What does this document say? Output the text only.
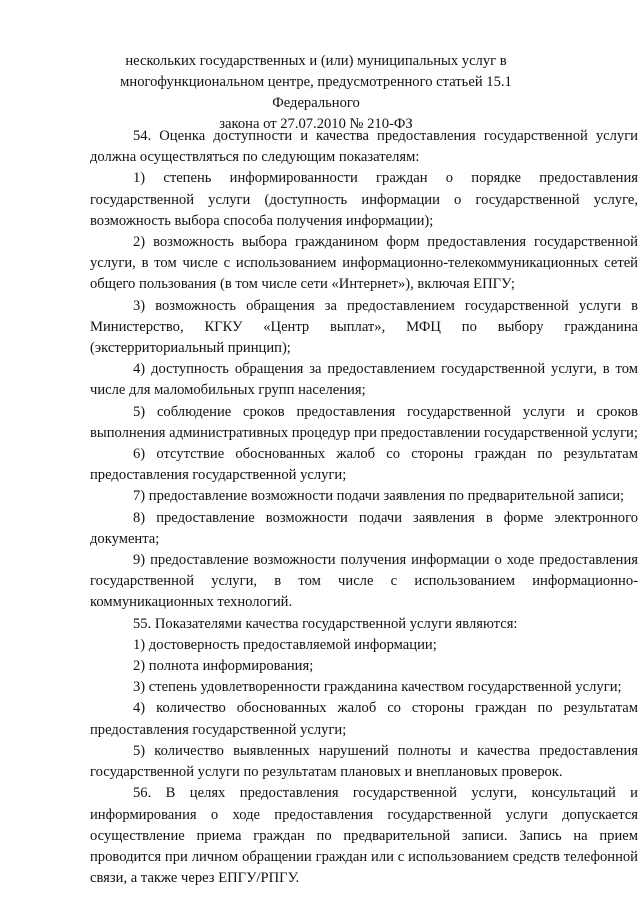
нескольких государственных и (или) муниципальных услуг в
многофункциональном центре, предусмотренного статьей 15.1 Федерального
закона от 27.07.2010 № 210-ФЗ

54. Оценка доступности и качества предоставления государственной услуги должна осуществляться по следующим показателям:

1) степень информированности граждан о порядке предоставления государственной услуги (доступность информации о государственной услуге, возможность выбора способа получения информации);

2) возможность выбора гражданином форм предоставления государственной услуги, в том числе с использованием информационно-телекоммуникационных сетей общего пользования (в том числе сети «Интернет»), включая ЕПГУ;

3) возможность обращения за предоставлением государственной услуги в Министерство, КГКУ «Центр выплат», МФЦ по выбору гражданина (экстерриториальный принцип);

4) доступность обращения за предоставлением государственной услуги, в том числе для маломобильных групп населения;

5) соблюдение сроков предоставления государственной услуги и сроков выполнения административных процедур при предоставлении государственной услуги;

6) отсутствие обоснованных жалоб со стороны граждан по результатам предоставления государственной услуги;

7) предоставление возможности подачи заявления по предварительной записи;

8) предоставление возможности подачи заявления в форме электронного документа;

9) предоставление возможности получения информации о ходе предоставления государственной услуги, в том числе с использованием информационно-коммуникационных технологий.

55. Показателями качества государственной услуги являются:

1) достоверность предоставляемой информации;

2) полнота информирования;

3) степень удовлетворенности гражданина качеством государственной услуги;

4) количество обоснованных жалоб со стороны граждан по результатам предоставления государственной услуги;

5) количество выявленных нарушений полноты и качества предоставления государственной услуги по результатам плановых и внеплановых проверок.

56. В целях предоставления государственной услуги, консультаций и информирования о ходе предоставления государственной услуги допускается осуществление приема граждан по предварительной записи. Запись на прием проводится при личном обращении граждан или с использованием средств телефонной связи, а также через ЕПГУ/РПГУ.
